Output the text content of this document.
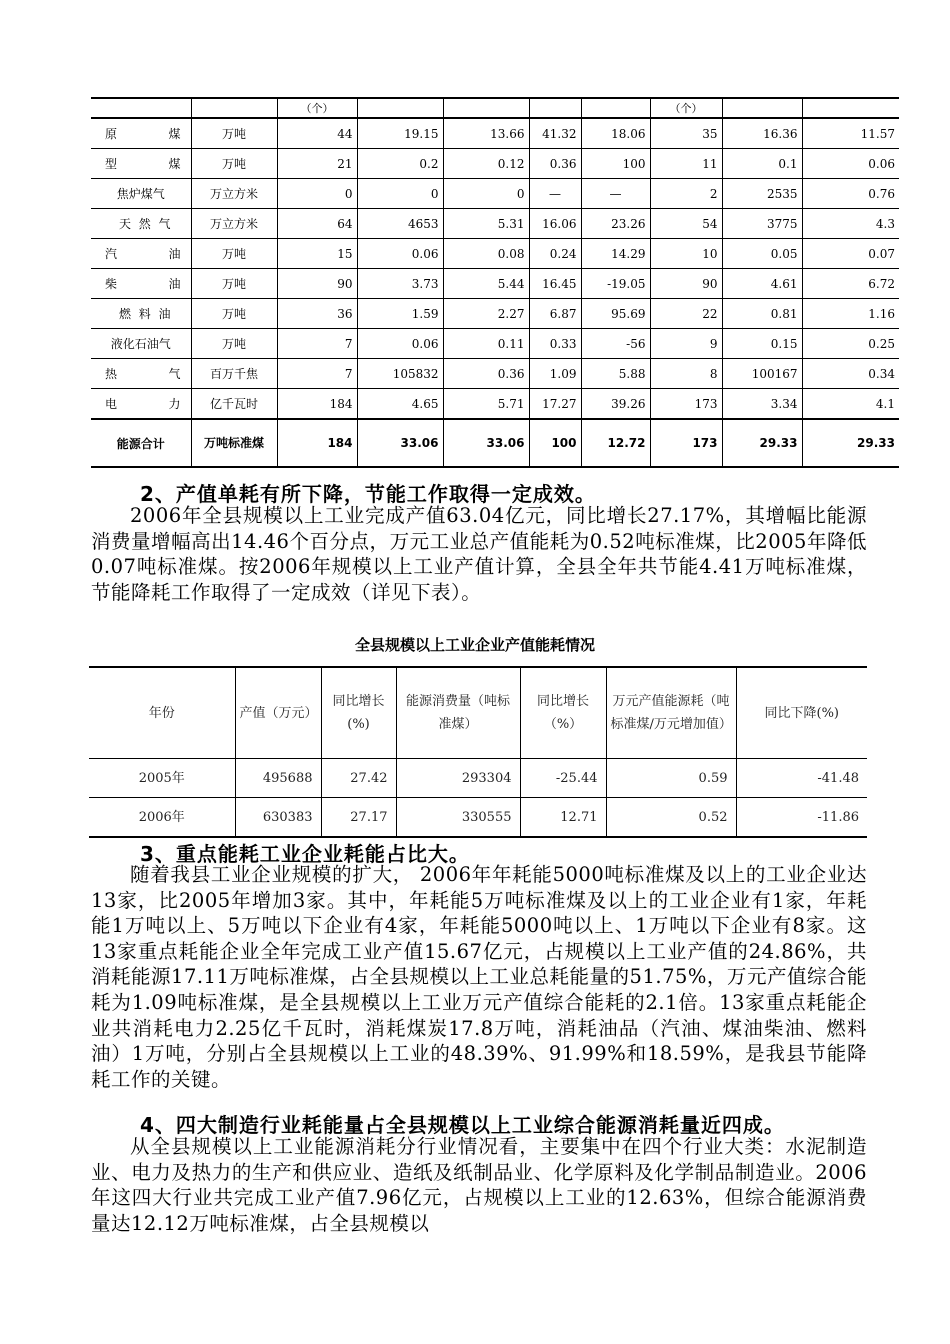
		（个）					（个）		
原煤	万吨	44	19.15	13.66	41.32	18.06	35	16.36	11.57
型煤	万吨	21	0.2	0.12	0.36	100	11	0.1	0.06
焦炉煤气	万立方米	0	0	0	—	—	2	2535	0.76
天然气	万立方米	64	4653	5.31	16.06	23.26	54	3775	4.3
汽油	万吨	15	0.06	0.08	0.24	14.29	10	0.05	0.07
柴油	万吨	90	3.73	5.44	16.45	-19.05	90	4.61	6.72
燃料油	万吨	36	1.59	2.27	6.87	95.69	22	0.81	1.16
液化石油气	万吨	7	0.06	0.11	0.33	-56	9	0.15	0.25
热气	百万千焦	7	105832	0.36	1.09	5.88	8	100167	0.34
电力	亿千瓦时	184	4.65	5.71	17.27	39.26	173	3.34	4.1
能源合计	万吨标准煤	184	33.06	33.06	100	12.72	173	29.33	29.33
2、产值单耗有所下降，节能工作取得一定成效。

2006年全县规模以上工业完成产值63.04亿元，同比增长27.17%，其增幅比能源消费量增幅高出14.46个百分点，万元工业总产值能耗为0.52吨标准煤，比2005年降低0.07吨标准煤。按2006年规模以上工业产值计算，全县全年共节能4.41万吨标准煤，节能降耗工作取得了一定成效（详见下表）。

全县规模以上工业企业产值能耗情况

年份	产值（万元）	同比增长(%)	能源消费量（吨标准煤）	同比增长（%）	万元产值能源耗（吨标准煤/万元增加值）	同比下降(%)
2005年	495688	27.42	293304	-25.44	0.59	-41.48
2006年	630383	27.17	330555	12.71	0.52	-11.86
3、重点能耗工业企业耗能占比大。

随着我县工业企业规模的扩大， 2006年年耗能5000吨标准煤及以上的工业企业达13家，比2005年增加3家。其中，年耗能5万吨标准煤及以上的工业企业有1家，年耗能1万吨以上、5万吨以下企业有4家，年耗能5000吨以上、1万吨以下企业有8家。这13家重点耗能企业全年完成工业产值15.67亿元，占规模以上工业产值的24.86%，共消耗能源17.11万吨标准煤，占全县规模以上工业总耗能量的51.75%，万元产值综合能耗为1.09吨标准煤，是全县规模以上工业万元产值综合能耗的2.1倍。13家重点耗能企业共消耗电力2.25亿千瓦时，消耗煤炭17.8万吨，消耗油品（汽油、煤油柴油、燃料油）1万吨，分别占全县规模以上工业的48.39%、91.99%和18.59%，是我县节能降耗工作的关键。

4、四大制造行业耗能量占全县规模以上工业综合能源消耗量近四成。

从全县规模以上工业能源消耗分行业情况看，主要集中在四个行业大类：水泥制造业、电力及热力的生产和供应业、造纸及纸制品业、化学原料及化学制品制造业。2006年这四大行业共完成工业产值7.96亿元，占规模以上工业的12.63%，但综合能源消费量达12.12万吨标准煤，占全县规模以
